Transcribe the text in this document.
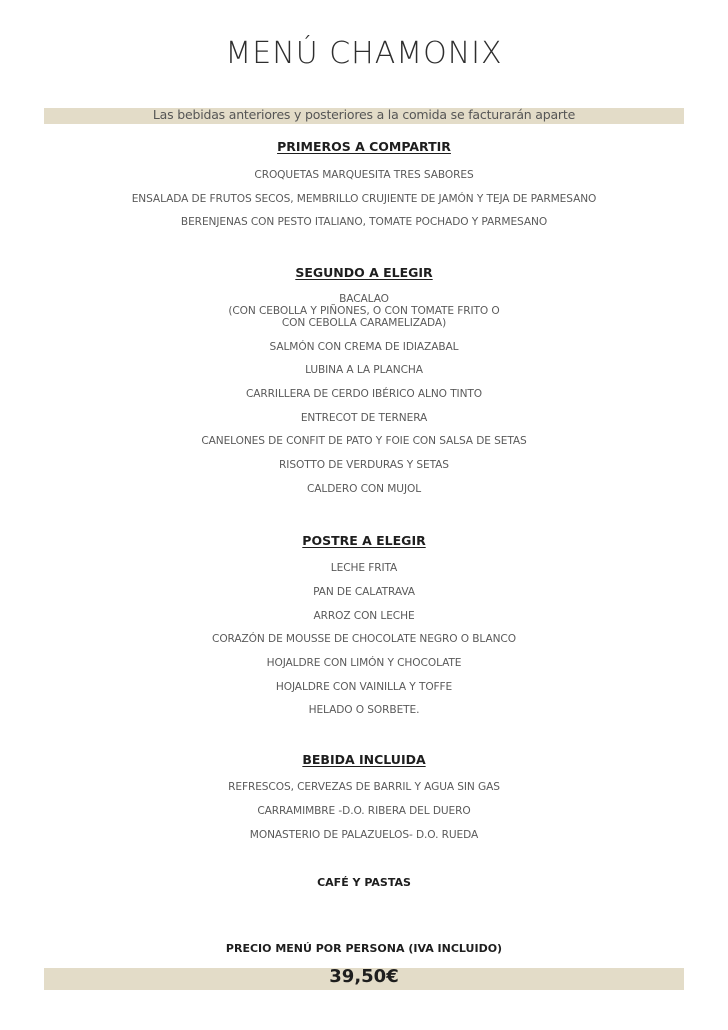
MENÚ CHAMONIX
Las bebidas anteriores y posteriores a la comida se facturarán aparte
PRIMEROS A COMPARTIR
CROQUETAS MARQUESITA TRES SABORES
ENSALADA DE FRUTOS SECOS, MEMBRILLO CRUJIENTE DE JAMÓN Y TEJA DE PARMESANO
BERENJENAS CON PESTO ITALIANO, TOMATE POCHADO Y PARMESANO
SEGUNDO A ELEGIR
BACALAO
(CON CEBOLLA Y PIÑONES, O CON TOMATE FRITO O
CON CEBOLLA CARAMELIZADA)
SALMÓN CON CREMA DE IDIAZABAL
LUBINA A LA PLANCHA
CARRILLERA DE CERDO IBÉRICO ALNO TINTO
ENTRECOT DE TERNERA
CANELONES DE CONFIT DE PATO Y FOIE CON SALSA DE SETAS
RISOTTO DE VERDURAS Y SETAS
CALDERO CON MUJOL
POSTRE A ELEGIR
LECHE FRITA
PAN DE CALATRAVA
ARROZ CON LECHE
CORAZÓN DE MOUSSE DE CHOCOLATE NEGRO O BLANCO
HOJALDRE CON LIMÓN Y CHOCOLATE
HOJALDRE CON VAINILLA Y TOFFE
HELADO O SORBETE.
BEBIDA INCLUIDA
REFRESCOS, CERVEZAS DE BARRIL Y AGUA SIN GAS
CARRAMIMBRE -D.O. RIBERA DEL DUERO
MONASTERIO DE PALAZUELOS- D.O. RUEDA
CAFÉ Y PASTAS
PRECIO MENÚ POR PERSONA (IVA INCLUIDO)
39,50€
